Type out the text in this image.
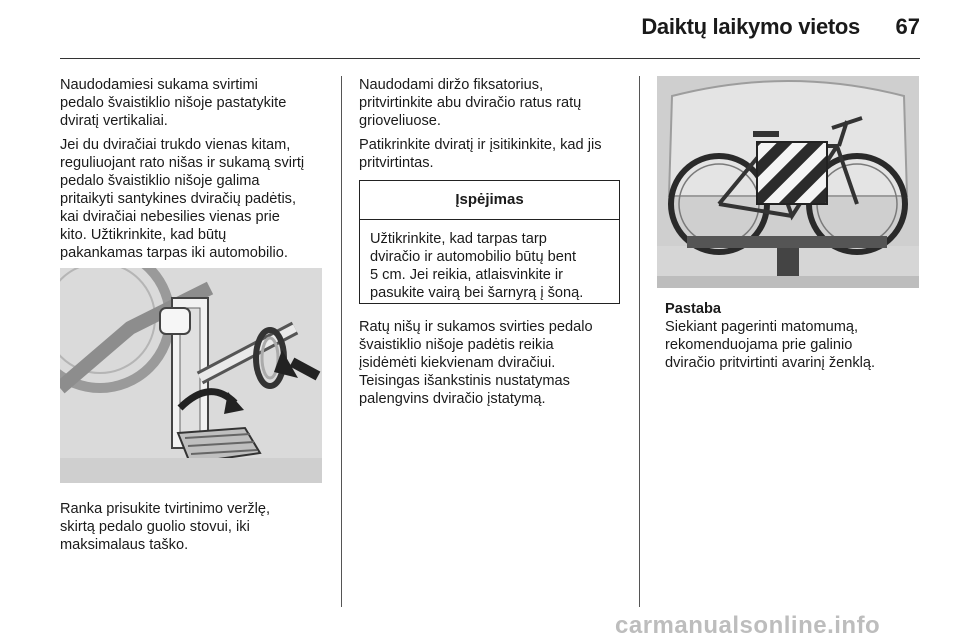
Daiktų laikymo vietos	67

Naudodamiesi sukama svirtimi
pedalo švaistiklio nišoje pastatykite
dviratį vertikaliai.

Jei du dviračiai trukdo vienas kitam,
reguliuojant rato nišas ir sukamą svirtį
pedalo švaistiklio nišoje galima
pritaikyti santykines dviračių padėtis,
kai dviračiai nebesilies vienas prie
kito. Užtikrinkite, kad būtų
pakankamas tarpas iki automobilio.

Ranka prisukite tvirtinimo veržlę,
skirtą pedalo guolio stovui, iki
maksimalaus taško.

Naudodami diržo fiksatorius,
pritvirtinkite abu dviračio ratus ratų
grioveliuose.

Patikrinkite dviratį ir įsitikinkite, kad jis
pritvirtintas.

Įspėjimas
Užtikrinkite, kad tarpas tarp
dviračio ir automobilio būtų bent
5 cm. Jei reikia, atlaisvinkite ir
pasukite vairą bei šarnyrą į šoną.

Ratų nišų ir sukamos svirties pedalo
švaistiklio nišoje padėtis reikia
įsidėmėti kiekvienam dviračiui.
Teisingas išankstinis nustatymas
palengvins dviračio įstatymą.

Pastaba
Siekiant pagerinti matomumą,
rekomenduojama prie galinio
dviračio pritvirtinti avarinį ženklą.

carmanualsonline.info
